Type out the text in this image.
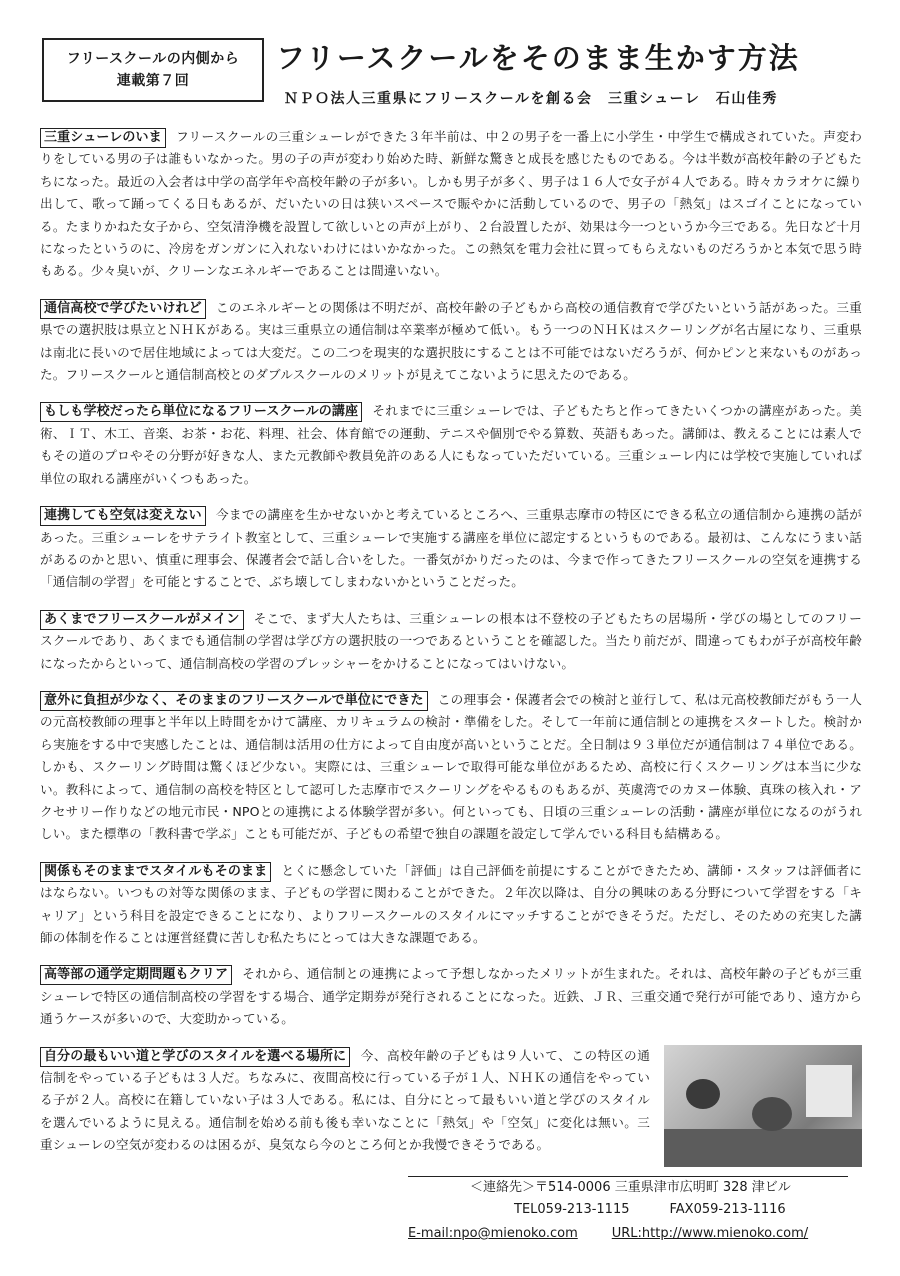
フリースクールの内側から
連載第７回
フリースクールをそのまま生かす方法
ＮＰＯ法人三重県にフリースクールを創る会　三重シューレ　石山佳秀

三重シューレのいま フリースクールの三重シューレができた３年半前は、中２の男子を一番上に小学生・中学生で構成されていた。声変わりをしている男の子は誰もいなかった。男の子の声が変わり始めた時、新鮮な驚きと成長を感じたものである。今は半数が高校年齢の子どもたちになった。最近の入会者は中学の高学年や高校年齢の子が多い。しかも男子が多く、男子は１６人で女子が４人である。時々カラオケに繰り出して、歌って踊ってくる日もあるが、だいたいの日は狭いスペースで賑やかに活動しているので、男子の「熱気」はスゴイことになっている。たまりかねた女子から、空気清浄機を設置して欲しいとの声が上がり、２台設置したが、効果は今一つというか今三である。先日など十月になったというのに、冷房をガンガンに入れないわけにはいかなかった。この熱気を電力会社に買ってもらえないものだろうかと本気で思う時もある。少々臭いが、クリーンなエネルギーであることは間違いない。

通信高校で学びたいけれど このエネルギーとの関係は不明だが、高校年齢の子どもから高校の通信教育で学びたいという話があった。三重県での選択肢は県立とＮＨＫがある。実は三重県立の通信制は卒業率が極めて低い。もう一つのＮＨＫはスクーリングが名古屋になり、三重県は南北に長いので居住地域によっては大変だ。この二つを現実的な選択肢にすることは不可能ではないだろうが、何かピンと来ないものがあった。フリースクールと通信制高校とのダブルスクールのメリットが見えてこないように思えたのである。

もしも学校だったら単位になるフリースクールの講座 それまでに三重シューレでは、子どもたちと作ってきたいくつかの講座があった。美術、ＩＴ、木工、音楽、お茶・お花、料理、社会、体育館での運動、テニスや個別でやる算数、英語もあった。講師は、教えることには素人でもその道のプロやその分野が好きな人、また元教師や教員免許のある人にもなっていただいている。三重シューレ内には学校で実施していれば単位の取れる講座がいくつもあった。

連携しても空気は変えない 今までの講座を生かせないかと考えているところへ、三重県志摩市の特区にできる私立の通信制から連携の話があった。三重シューレをサテライト教室として、三重シューレで実施する講座を単位に認定するというものである。最初は、こんなにうまい話があるのかと思い、慎重に理事会、保護者会で話し合いをした。一番気がかりだったのは、今まで作ってきたフリースクールの空気を連携する「通信制の学習」を可能とすることで、ぶち壊してしまわないかということだった。

あくまでフリースクールがメイン そこで、まず大人たちは、三重シューレの根本は不登校の子どもたちの居場所・学びの場としてのフリースクールであり、あくまでも通信制の学習は学び方の選択肢の一つであるということを確認した。当たり前だが、間違ってもわが子が高校年齢になったからといって、通信制高校の学習のプレッシャーをかけることになってはいけない。

意外に負担が少なく、そのままのフリースクールで単位にできた この理事会・保護者会での検討と並行して、私は元高校教師だがもう一人の元高校教師の理事と半年以上時間をかけて講座、カリキュラムの検討・準備をした。そして一年前に通信制との連携をスタートした。検討から実施をする中で実感したことは、通信制は活用の仕方によって自由度が高いということだ。全日制は９３単位だが通信制は７４単位である。しかも、スクーリング時間は驚くほど少ない。実際には、三重シューレで取得可能な単位があるため、高校に行くスクーリングは本当に少ない。教科によって、通信制の高校を特区として認可した志摩市でスクーリングをやるものもあるが、英虞湾でのカヌー体験、真珠の核入れ・アクセサリー作りなどの地元市民・NPOとの連携による体験学習が多い。何といっても、日頃の三重シューレの活動・講座が単位になるのがうれしい。また標準の「教科書で学ぶ」ことも可能だが、子どもの希望で独自の課題を設定して学んでいる科目も結構ある。

関係もそのままでスタイルもそのまま とくに懸念していた「評価」は自己評価を前提にすることができたため、講師・スタッフは評価者にはならない。いつもの対等な関係のまま、子どもの学習に関わることができた。２年次以降は、自分の興味のある分野について学習をする「キャリア」という科目を設定できることになり、よりフリースクールのスタイルにマッチすることができそうだ。ただし、そのための充実した講師の体制を作ることは運営経費に苦しむ私たちにとっては大きな課題である。

高等部の通学定期問題もクリア それから、通信制との連携によって予想しなかったメリットが生まれた。それは、高校年齢の子どもが三重シューレで特区の通信制高校の学習をする場合、通学定期券が発行されることになった。近鉄、ＪＲ、三重交通で発行が可能であり、遠方から通うケースが多いので、大変助かっている。

自分の最もいい道と学びのスタイルを選べる場所に 今、高校年齢の子どもは９人いて、この特区の通信制をやっている子どもは３人だ。ちなみに、夜間高校に行っている子が１人、ＮＨＫの通信をやっている子が２人。高校に在籍していない子は３人である。私には、自分にとって最もいい道と学びのスタイルを選んでいるように見える。通信制を始める前も後も幸いなことに「熱気」や「空気」に変化は無い。三重シューレの空気が変わるのは困るが、臭気なら今のところ何とか我慢できそうである。

＜連絡先＞〒514-0006 三重県津市広明町 328 津ビル
TEL059-213-1115	FAX059-213-1116
E-mail:npo@mienoko.com	URL:http://www.mienoko.com/
